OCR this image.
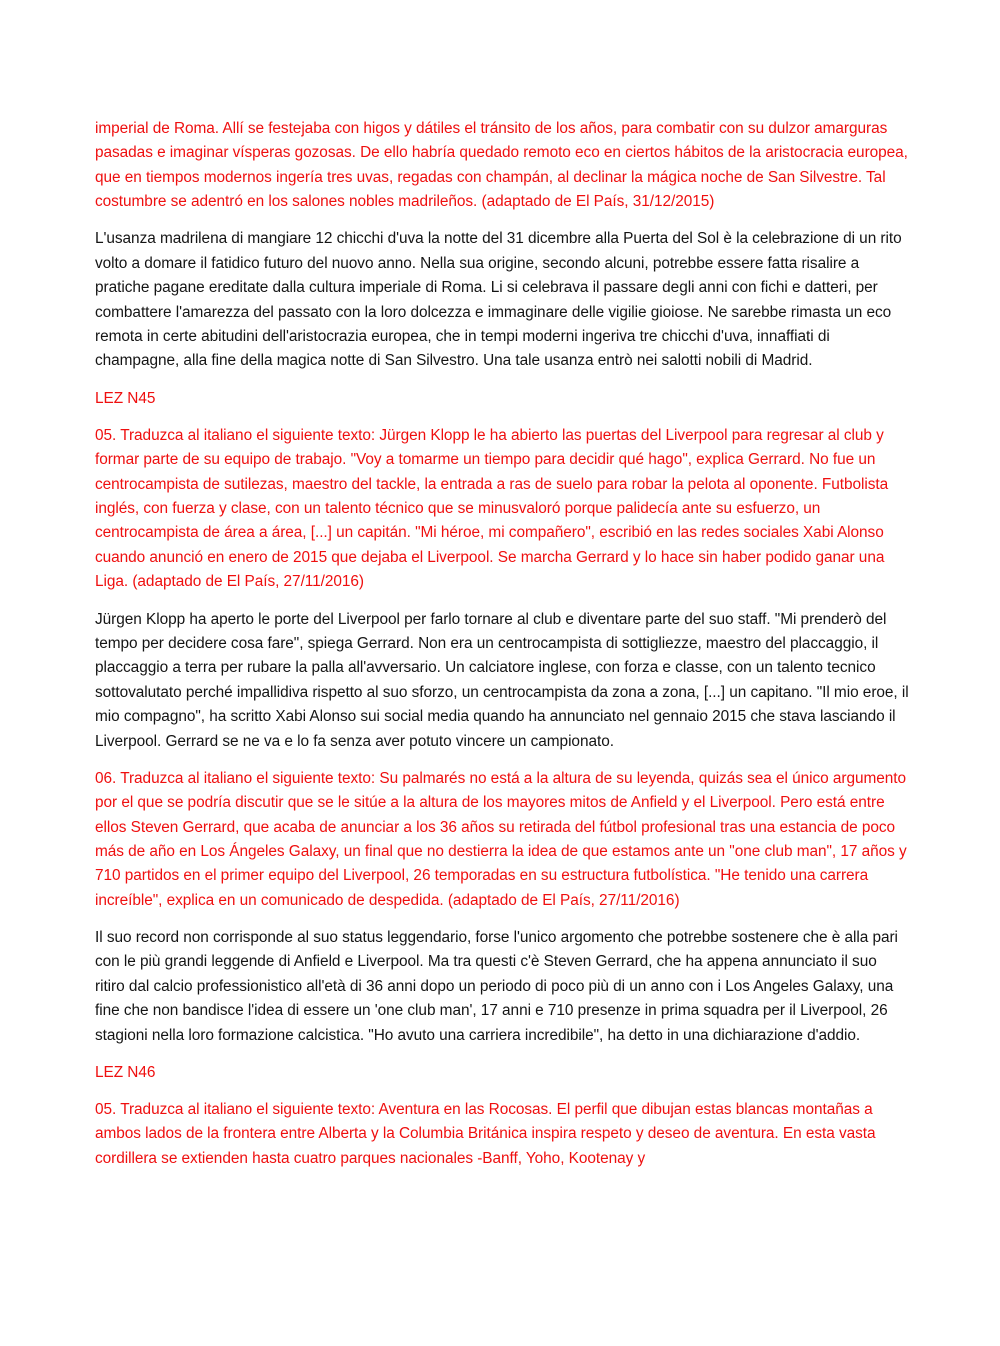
imperial de Roma. Allí se festejaba con higos y dátiles el tránsito de los años, para combatir con su dulzor amarguras pasadas e imaginar vísperas gozosas. De ello habría quedado remoto eco en ciertos hábitos de la aristocracia europea, que en tiempos modernos ingería tres uvas, regadas con champán, al declinar la mágica noche de San Silvestre. Tal costumbre se adentró en los salones nobles madrileños. (adaptado de El País, 31/12/2015)

L'usanza madrilena di mangiare 12 chicchi d'uva la notte del 31 dicembre alla Puerta del Sol è la celebrazione di un rito volto a domare il fatidico futuro del nuovo anno. Nella sua origine, secondo alcuni, potrebbe essere fatta risalire a pratiche pagane ereditate dalla cultura imperiale di Roma. Li si celebrava il passare degli anni con fichi e datteri, per combattere l'amarezza del passato con la loro dolcezza e immaginare delle vigilie gioiose. Ne sarebbe rimasta un eco remota in certe abitudini dell'aristocrazia europea, che in tempi moderni ingeriva tre chicchi d'uva, innaffiati di champagne, alla fine della magica notte di San Silvestro. Una tale usanza entrò nei salotti nobili di Madrid.

LEZ N45

05. Traduzca al italiano el siguiente texto: Jürgen Klopp le ha abierto las puertas del Liverpool para regresar al club y formar parte de su equipo de trabajo. "Voy a tomarme un tiempo para decidir qué hago", explica Gerrard. No fue un centrocampista de sutilezas, maestro del tackle, la entrada a ras de suelo para robar la pelota al oponente. Futbolista inglés, con fuerza y clase, con un talento técnico que se minusvaloró porque palidecía ante su esfuerzo, un centrocampista de área a área, [...] un capitán. "Mi héroe, mi compañero", escribió en las redes sociales Xabi Alonso cuando anunció en enero de 2015 que dejaba el Liverpool. Se marcha Gerrard y lo hace sin haber podido ganar una Liga. (adaptado de El País, 27/11/2016)

Jürgen Klopp ha aperto le porte del Liverpool per farlo tornare al club e diventare parte del suo staff. "Mi prenderò del tempo per decidere cosa fare", spiega Gerrard. Non era un centrocampista di sottigliezze, maestro del placcaggio, il placcaggio a terra per rubare la palla all'avversario. Un calciatore inglese, con forza e classe, con un talento tecnico sottovalutato perché impallidiva rispetto al suo sforzo, un centrocampista da zona a zona, [...] un capitano. "Il mio eroe, il mio compagno", ha scritto Xabi Alonso sui social media quando ha annunciato nel gennaio 2015 che stava lasciando il Liverpool. Gerrard se ne va e lo fa senza aver potuto vincere un campionato.

06. Traduzca al italiano el siguiente texto: Su palmarés no está a la altura de su leyenda, quizás sea el único argumento por el que se podría discutir que se le sitúe a la altura de los mayores mitos de Anfield y el Liverpool. Pero está entre ellos Steven Gerrard, que acaba de anunciar a los 36 años su retirada del fútbol profesional tras una estancia de poco más de año en Los Ángeles Galaxy, un final que no destierra la idea de que estamos ante un "one club man", 17 años y 710 partidos en el primer equipo del Liverpool, 26 temporadas en su estructura futbolística. "He tenido una carrera increíble", explica en un comunicado de despedida. (adaptado de El País, 27/11/2016)

Il suo record non corrisponde al suo status leggendario, forse l'unico argomento che potrebbe sostenere che è alla pari con le più grandi leggende di Anfield e Liverpool. Ma tra questi c'è Steven Gerrard, che ha appena annunciato il suo ritiro dal calcio professionistico all'età di 36 anni dopo un periodo di poco più di un anno con i Los Angeles Galaxy, una fine che non bandisce l'idea di essere un 'one club man', 17 anni e 710 presenze in prima squadra per il Liverpool, 26 stagioni nella loro formazione calcistica. "Ho avuto una carriera incredibile", ha detto in una dichiarazione d'addio.

LEZ N46

05. Traduzca al italiano el siguiente texto: Aventura en las Rocosas. El perfil que dibujan estas blancas montañas a ambos lados de la frontera entre Alberta y la Columbia Británica inspira respeto y deseo de aventura. En esta vasta cordillera se extienden hasta cuatro parques nacionales -Banff, Yoho, Kootenay y
